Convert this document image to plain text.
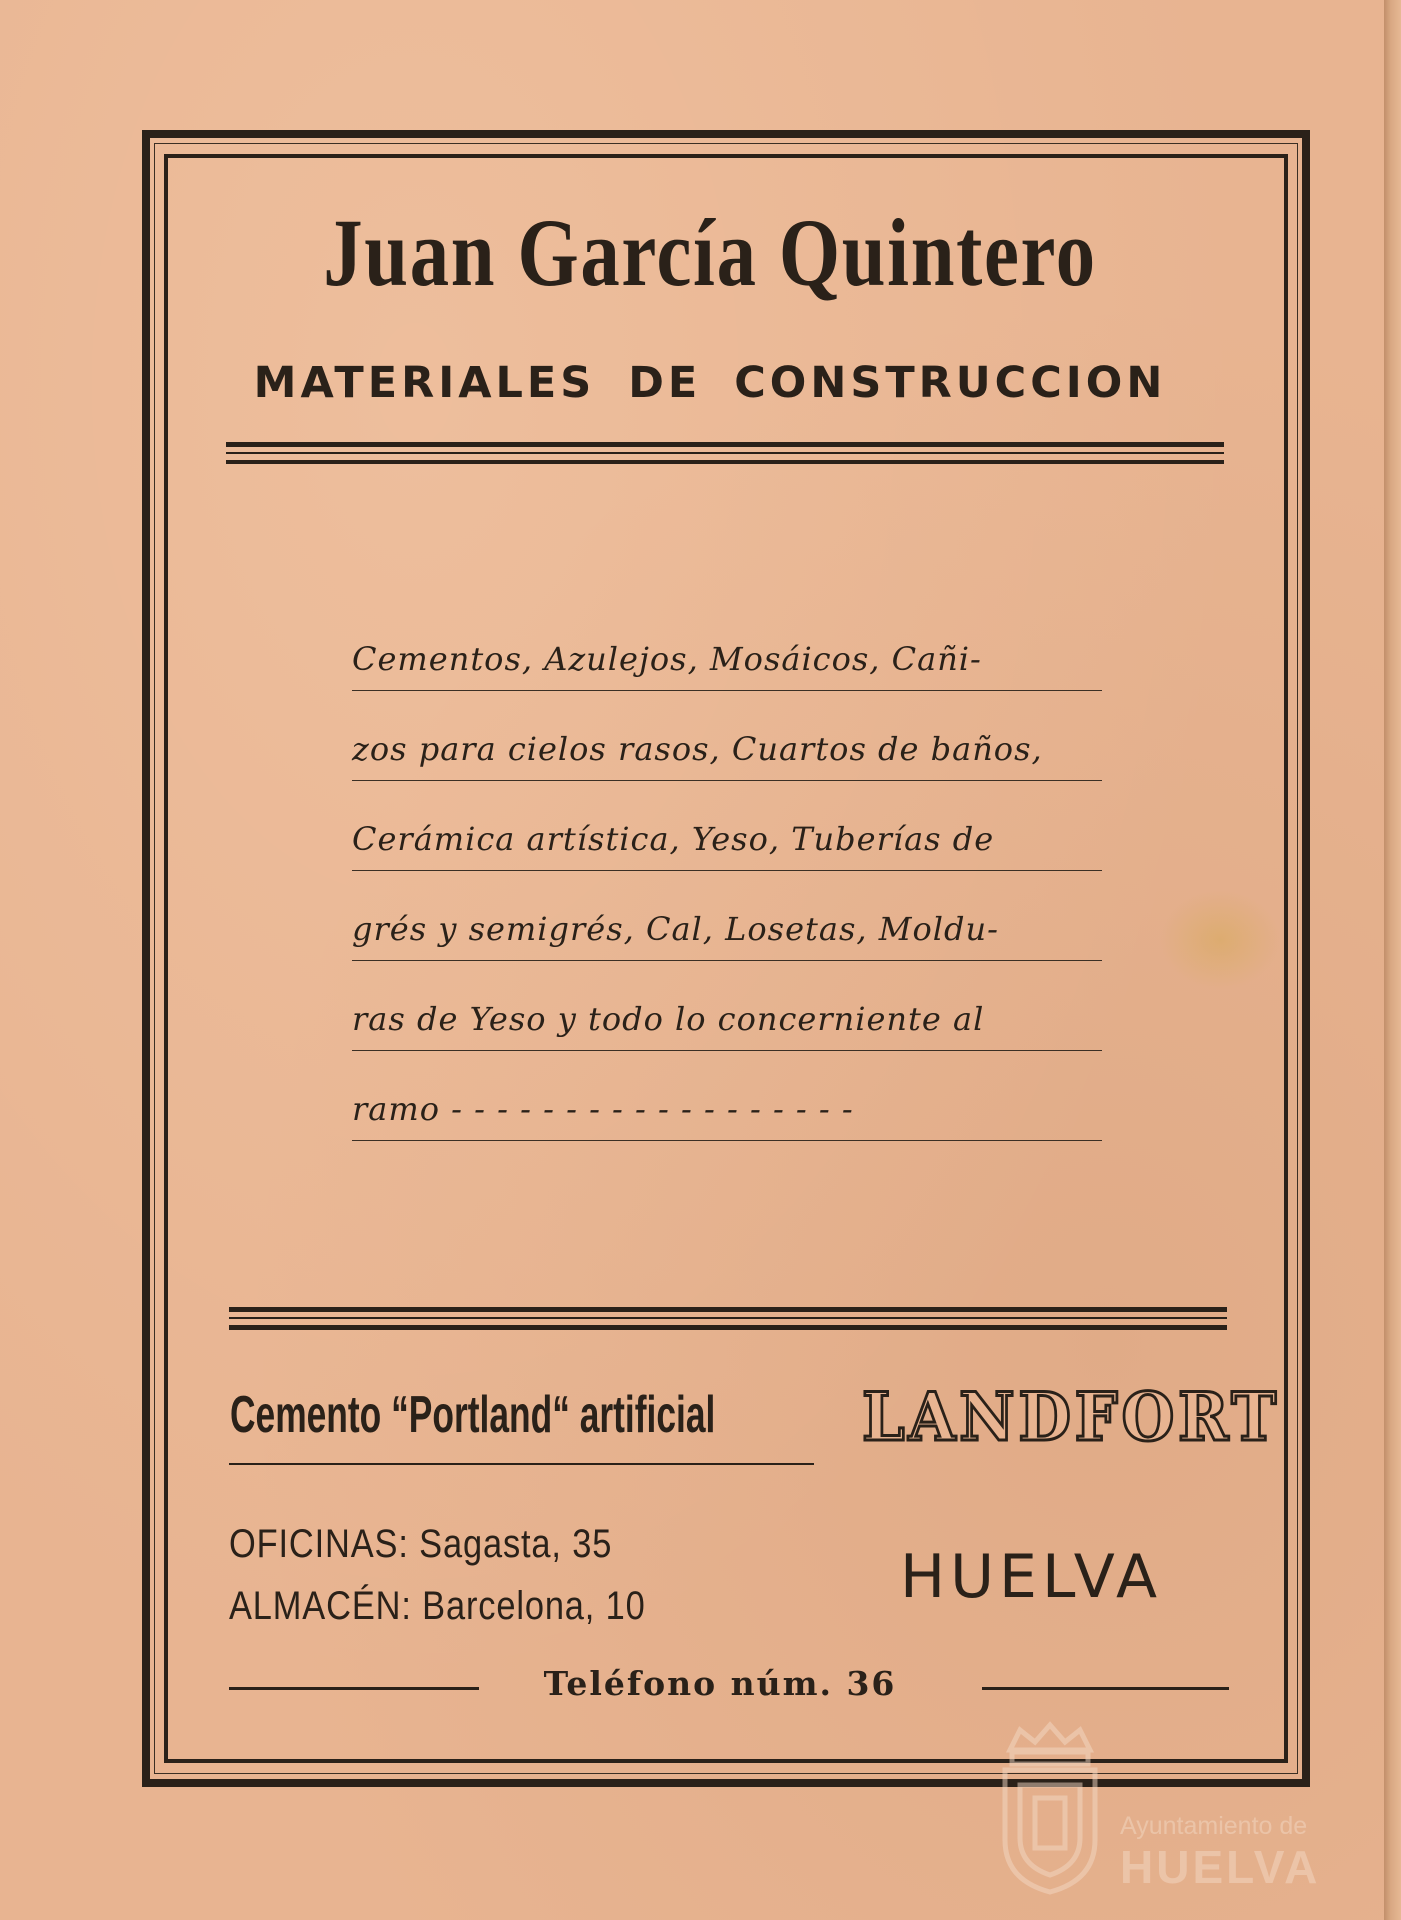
Juan García Quintero
MATERIALES DE CONSTRUCCION
Cementos, Azulejos, Mosáicos, Cañi-
zos para cielos rasos, Cuartos de baños,
Cerámica artística, Yeso, Tuberías de
grés y semigrés, Cal, Losetas, Moldu-
ras de Yeso y todo lo concerniente al
ramo - - - - - - - - - - - - - - - - - -
Cemento “Portland“ artificial LANDFORT
OFICINAS: Sagasta, 35
ALMACÉN: Barcelona, 10	HUELVA
Teléfono núm. 36
Ayuntamiento de
HUELVA
